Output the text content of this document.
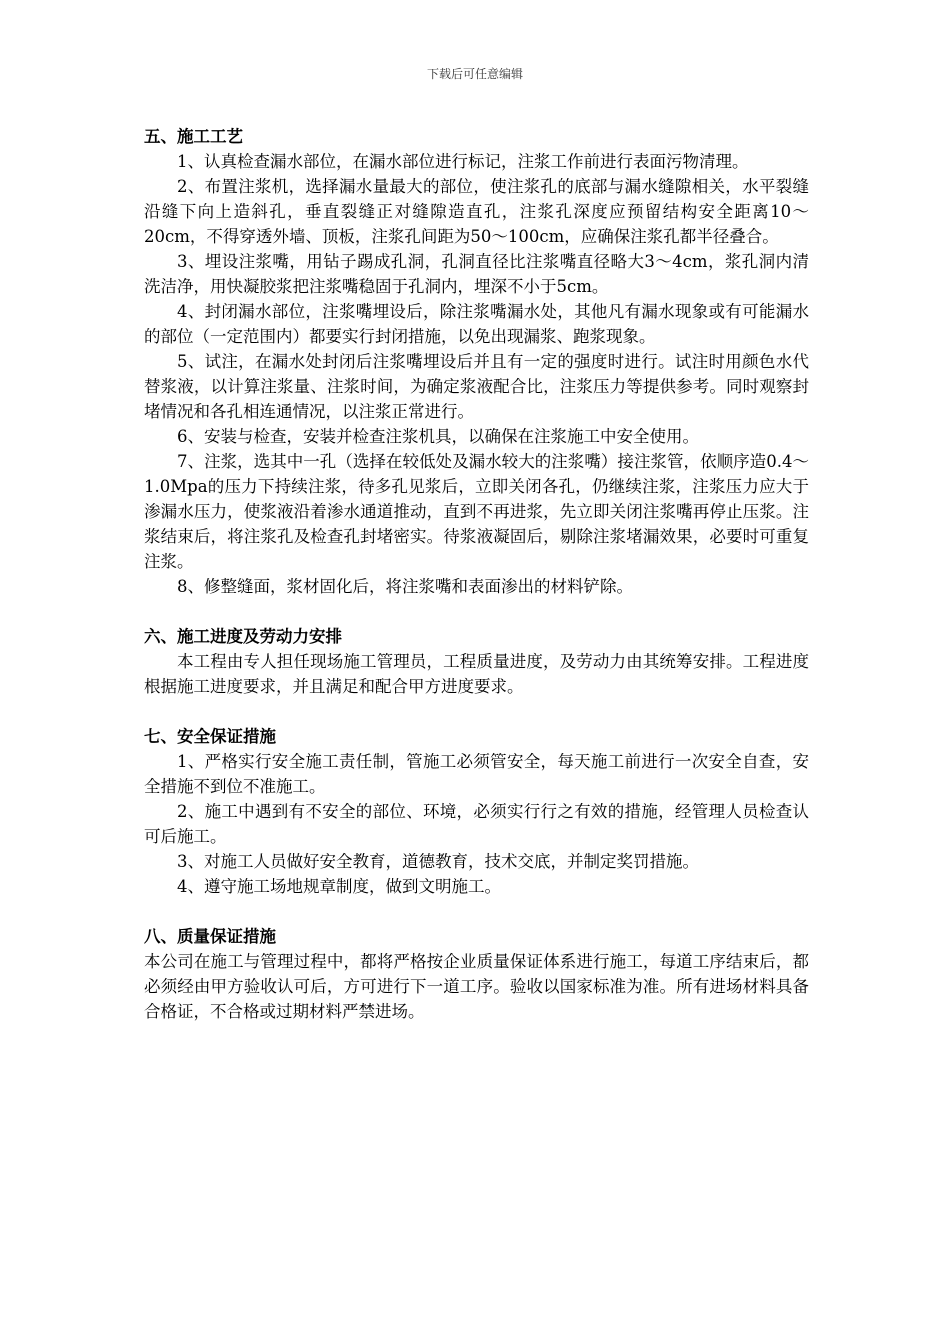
下载后可任意编辑

五、施工工艺

1、认真检查漏水部位，在漏水部位进行标记，注浆工作前进行表面污物清理。

2、布置注浆机，选择漏水量最大的部位，使注浆孔的底部与漏水缝隙相关，水平裂缝沿缝下向上造斜孔，垂直裂缝正对缝隙造直孔，注浆孔深度应预留结构安全距离10～20cm，不得穿透外墙、顶板，注浆孔间距为50～100cm，应确保注浆孔都半径叠合。

3、埋设注浆嘴，用钻子踢成孔洞，孔洞直径比注浆嘴直径略大3～4cm，浆孔洞内清洗洁净，用快凝胶浆把注浆嘴稳固于孔洞内，埋深不小于5cm。

4、封闭漏水部位，注浆嘴埋设后，除注浆嘴漏水处，其他凡有漏水现象或有可能漏水的部位（一定范围内）都要实行封闭措施，以免出现漏浆、跑浆现象。

5、试注，在漏水处封闭后注浆嘴埋设后并且有一定的强度时进行。试注时用颜色水代替浆液，以计算注浆量、注浆时间，为确定浆液配合比，注浆压力等提供参考。同时观察封堵情况和各孔相连通情况，以注浆正常进行。

6、安装与检查，安装并检查注浆机具，以确保在注浆施工中安全使用。

7、注浆，选其中一孔（选择在较低处及漏水较大的注浆嘴）接注浆管，依顺序造0.4～1.0Mpa的压力下持续注浆，待多孔见浆后，立即关闭各孔，仍继续注浆，注浆压力应大于渗漏水压力，使浆液沿着渗水通道推动，直到不再进浆，先立即关闭注浆嘴再停止压浆。注浆结束后，将注浆孔及检查孔封堵密实。待浆液凝固后，剔除注浆堵漏效果，必要时可重复注浆。

8、修整缝面，浆材固化后，将注浆嘴和表面渗出的材料铲除。

六、施工进度及劳动力安排

本工程由专人担任现场施工管理员，工程质量进度，及劳动力由其统筹安排。工程进度根据施工进度要求，并且满足和配合甲方进度要求。

七、安全保证措施

1、严格实行安全施工责任制，管施工必须管安全，每天施工前进行一次安全自查，安全措施不到位不准施工。

2、施工中遇到有不安全的部位、环境，必须实行行之有效的措施，经管理人员检查认可后施工。

3、对施工人员做好安全教育，道德教育，技术交底，并制定奖罚措施。

4、遵守施工场地规章制度，做到文明施工。

八、质量保证措施

本公司在施工与管理过程中，都将严格按企业质量保证体系进行施工，每道工序结束后，都必须经由甲方验收认可后，方可进行下一道工序。验收以国家标准为准。所有进场材料具备合格证，不合格或过期材料严禁进场。
